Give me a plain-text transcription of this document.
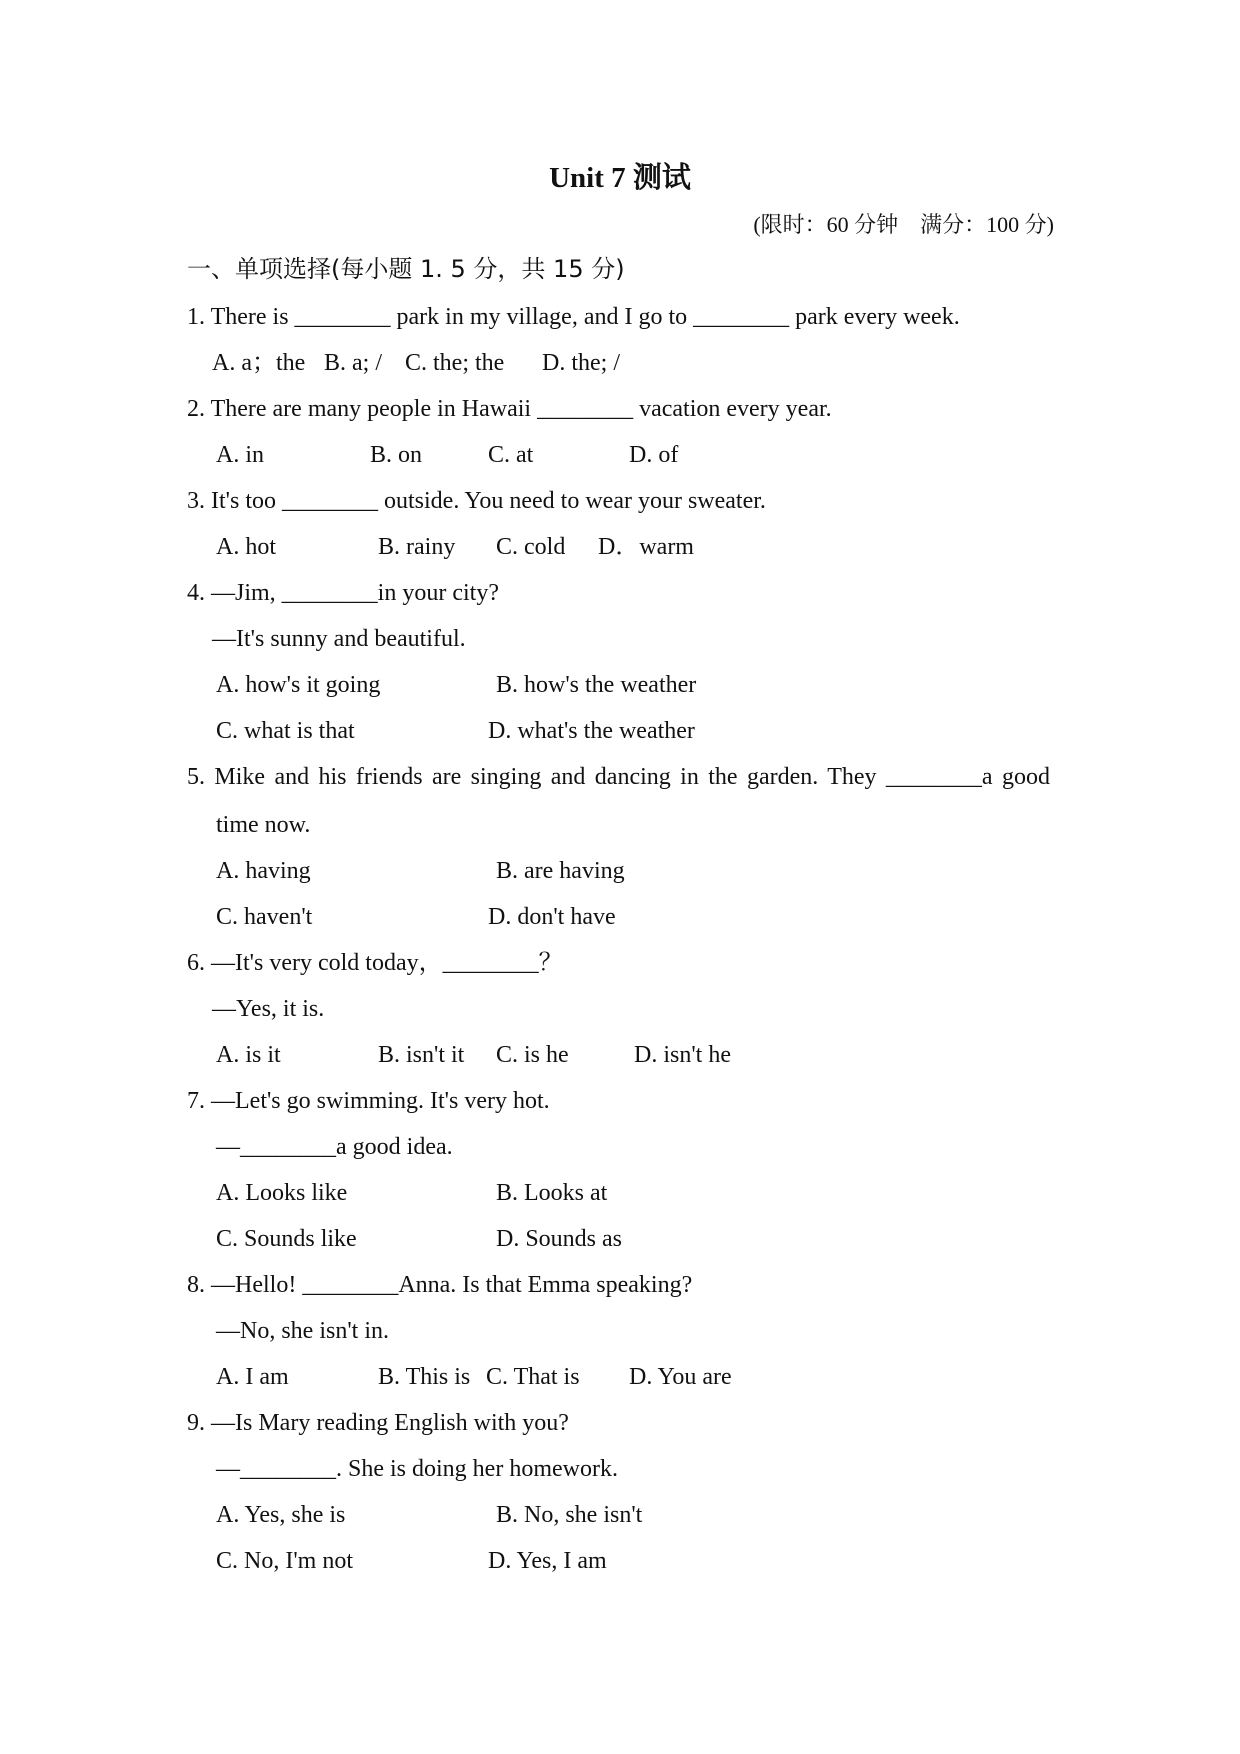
Unit 7 测试
(限时：60 分钟    满分：100 分)
一、单项选择(每小题 1. 5 分，共 15 分)
1. There is ________ park in my village, and I go to ________ park every week.
A. a；the B. a; / C. the; the D. the; /
2. There are many people in Hawaii ________ vacation every year.
A. in	B. on	C. at	D. of
3. It's too ________ outside. You need to wear your sweater.
A. hot	B. rainy C. cold D．warm
4. —Jim, ________in your city?
—It's sunny and beautiful.
A. how's it going	B. how's the weather
C. what is that	D. what's the weather
5. Mike and his friends are singing and dancing in the garden. They ________a good
time now.
A. having	B. are having
C. haven't	D. don't have
6. —It's very cold today，________？
—Yes, it is.
A. is it	B. isn't it C. is he	D. isn't he
7. —Let's go swimming. It's very hot.
—________a good idea.
A. Looks like	B. Looks at
C. Sounds like	D. Sounds as
8. —Hello! ________Anna. Is that Emma speaking?
—No, she isn't in.
A. I am	B. This is C. That is D. You are
9. —Is Mary reading English with you?
—________. She is doing her homework.
A. Yes, she is	B. No, she isn't
C. No, I'm not	D. Yes, I am
